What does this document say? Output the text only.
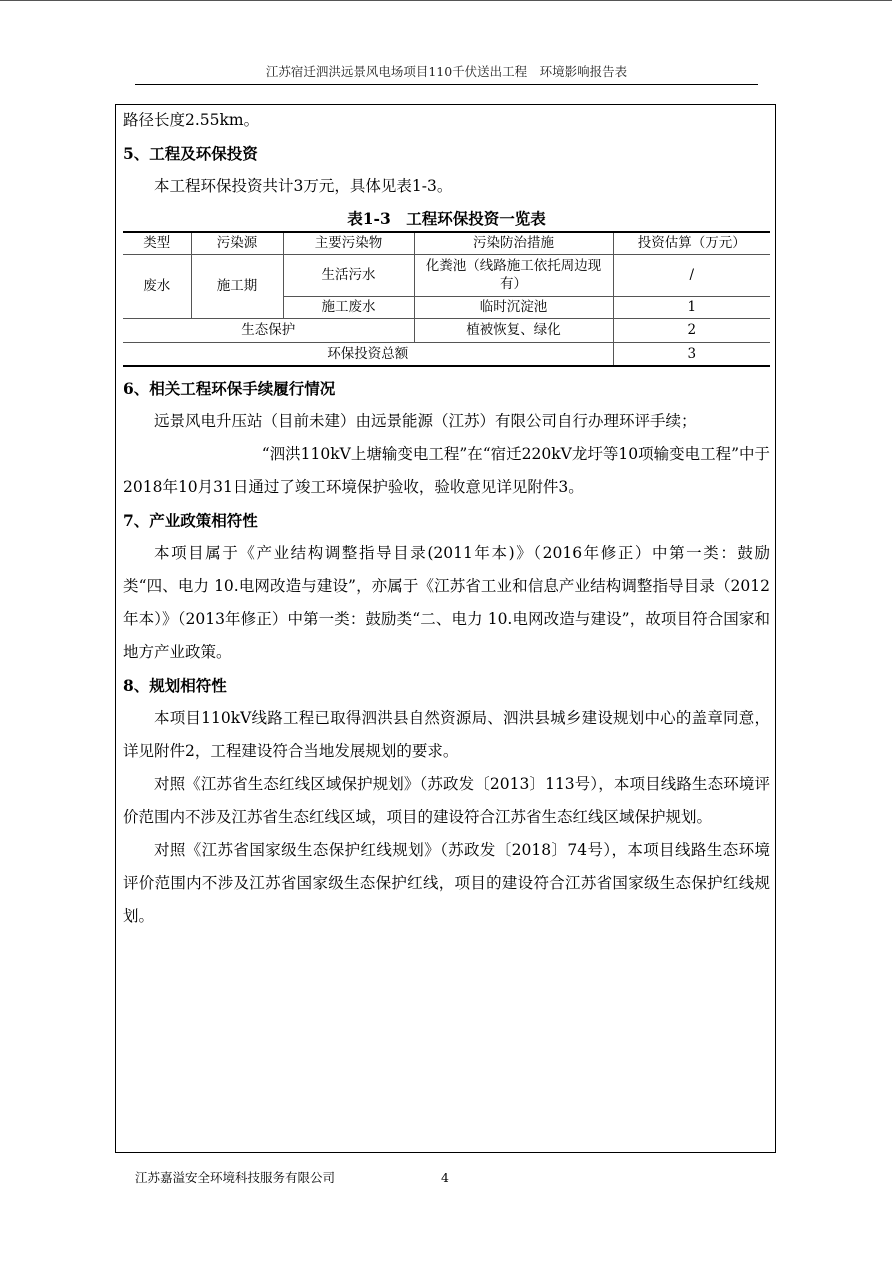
江苏宿迁泗洪远景风电场项目110千伏送出工程　环境影响报告表

路径长度2.55km。

5、工程及环保投资

本工程环保投资共计3万元，具体见表1-3。

表1-3　工程环保投资一览表
类型	污染源	主要污染物	污染防治措施	投资估算（万元）
废水	施工期	生活污水	化粪池（线路施工依托周边现有）	/
		施工废水	临时沉淀池	1
生态保护			植被恢复、绿化	2
环保投资总额				3

6、相关工程环保手续履行情况

远景风电升压站（目前未建）由远景能源（江苏）有限公司自行办理环评手续；

“泗洪110kV上塘输变电工程”在“宿迁220kV龙圩等10项输变电工程”中于

2018年10月31日通过了竣工环境保护验收，验收意见详见附件3。

7、产业政策相符性

本项目属于《产业结构调整指导目录(2011年本)》（2016年修正）中第一类：鼓励类“四、电力 10.电网改造与建设”，亦属于《江苏省工业和信息产业结构调整指导目录（2012年本）》（2013年修正）中第一类：鼓励类“二、电力 10.电网改造与建设”，故项目符合国家和地方产业政策。

8、规划相符性

本项目110kV线路工程已取得泗洪县自然资源局、泗洪县城乡建设规划中心的盖章同意，详见附件2，工程建设符合当地发展规划的要求。

对照《江苏省生态红线区域保护规划》（苏政发〔2013〕113号），本项目线路生态环境评价范围内不涉及江苏省生态红线区域，项目的建设符合江苏省生态红线区域保护规划。

对照《江苏省国家级生态保护红线规划》（苏政发〔2018〕74号），本项目线路生态环境评价范围内不涉及江苏省国家级生态保护红线，项目的建设符合江苏省国家级生态保护红线规划。

江苏嘉溢安全环境科技服务有限公司	4
